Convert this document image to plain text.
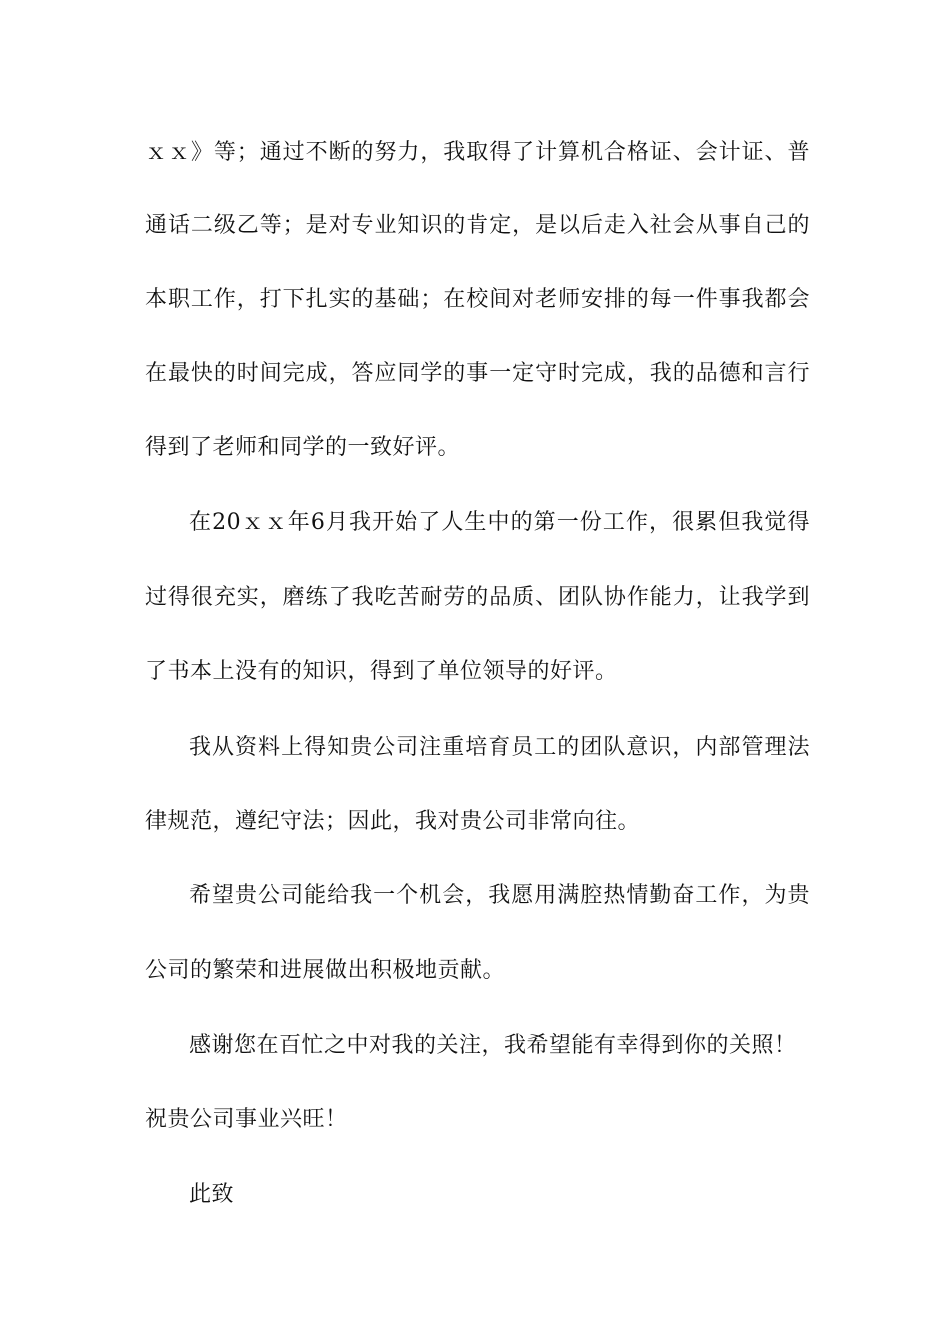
ｘｘ》等；通过不断的努力，我取得了计算机合格证、会计证、普
通话二级乙等；是对专业知识的肯定，是以后走入社会从事自己的
本职工作，打下扎实的基础；在校间对老师安排的每一件事我都会
在最快的时间完成，答应同学的事一定守时完成，我的品德和言行
得到了老师和同学的一致好评。
在20ｘｘ年6月我开始了人生中的第一份工作，很累但我觉得
过得很充实，磨练了我吃苦耐劳的品质、团队协作能力，让我学到
了书本上没有的知识，得到了单位领导的好评。
我从资料上得知贵公司注重培育员工的团队意识，内部管理法
律规范，遵纪守法；因此，我对贵公司非常向往。
希望贵公司能给我一个机会，我愿用满腔热情勤奋工作，为贵
公司的繁荣和进展做出积极地贡献。
感谢您在百忙之中对我的关注，我希望能有幸得到你的关照！
祝贵公司事业兴旺！
此致
